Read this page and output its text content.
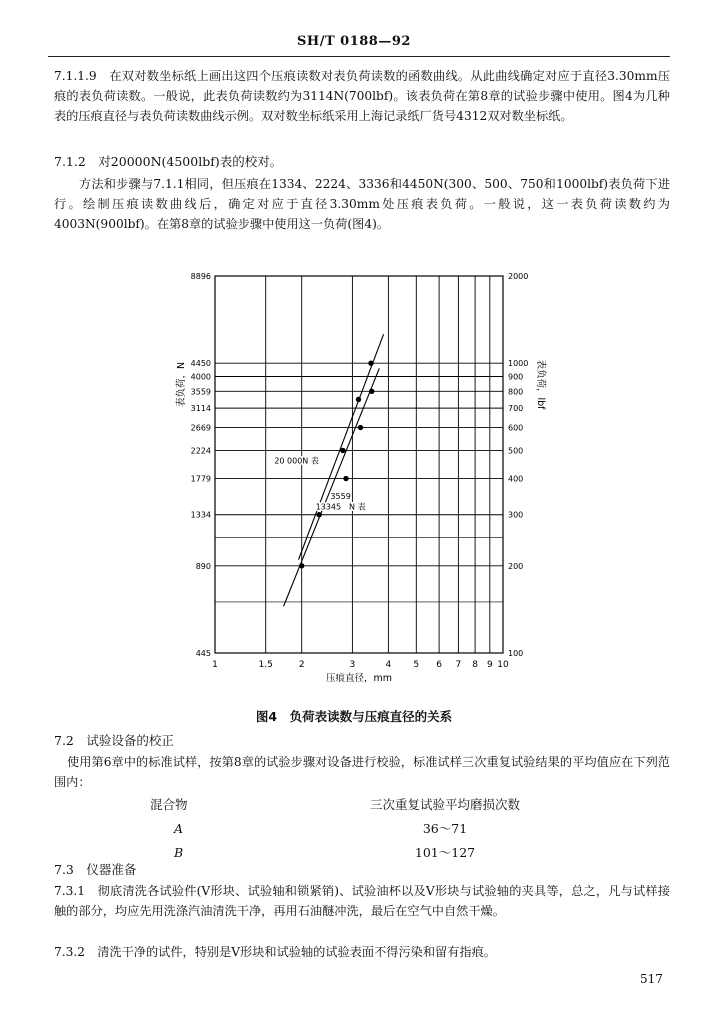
SH/T 0188—92

7.1.1.9　在双对数坐标纸上画出这四个压痕读数对表负荷读数的函数曲线。从此曲线确定对应于直径3.30mm压痕的表负荷读数。一般说，此表负荷读数约为3114N(700lbf)。该表负荷在第8章的试验步骤中使用。图4为几种表的压痕直径与表负荷读数曲线示例。双对数坐标纸采用上海记录纸厂货号4312双对数坐标纸。

7.1.2　对20000N(4500lbf)表的校对。

方法和步骤与7.1.1相同，但压痕在1334、2224、3336和4450N(300、500、750和1000lbf)表负荷下进行。绘制压痕读数曲线后，确定对应于直径3.30mm处压痕表负荷。一般说，这一表负荷读数约为4003N(900lbf)。在第8章的试验步骤中使用这一负荷(图4)。

1	1.5	2	3	4 5 6 7 8 9 10
445
890
1334
1779
2224
2669
3114
3559
4000
4450
8896
100
200
300
400
500
600
700
800
900
1000
2000
压痕直径，mm
表负荷，N	表负荷，lbf
20 000N 表
3559
13345　N 表
图4　负荷表读数与压痕直径的关系
7.2　试验设备的校正

使用第6章中的标准试样，按第8章的试验步骤对设备进行校验，标准试样三次重复试验结果的平均值应在下列范围内：

混合物	三次重复试验平均磨损次数
A	36～71
B	101～127
7.3　仪器准备

7.3.1　彻底清洗各试验件(V形块、试验轴和锁紧销)、试验油杯以及V形块与试验轴的夹具等，总之，凡与试样接触的部分，均应先用洗涤汽油清洗干净，再用石油醚冲洗，最后在空气中自然干燥。

7.3.2　清洗干净的试件，特别是V形块和试验轴的试验表面不得污染和留有指痕。

517
